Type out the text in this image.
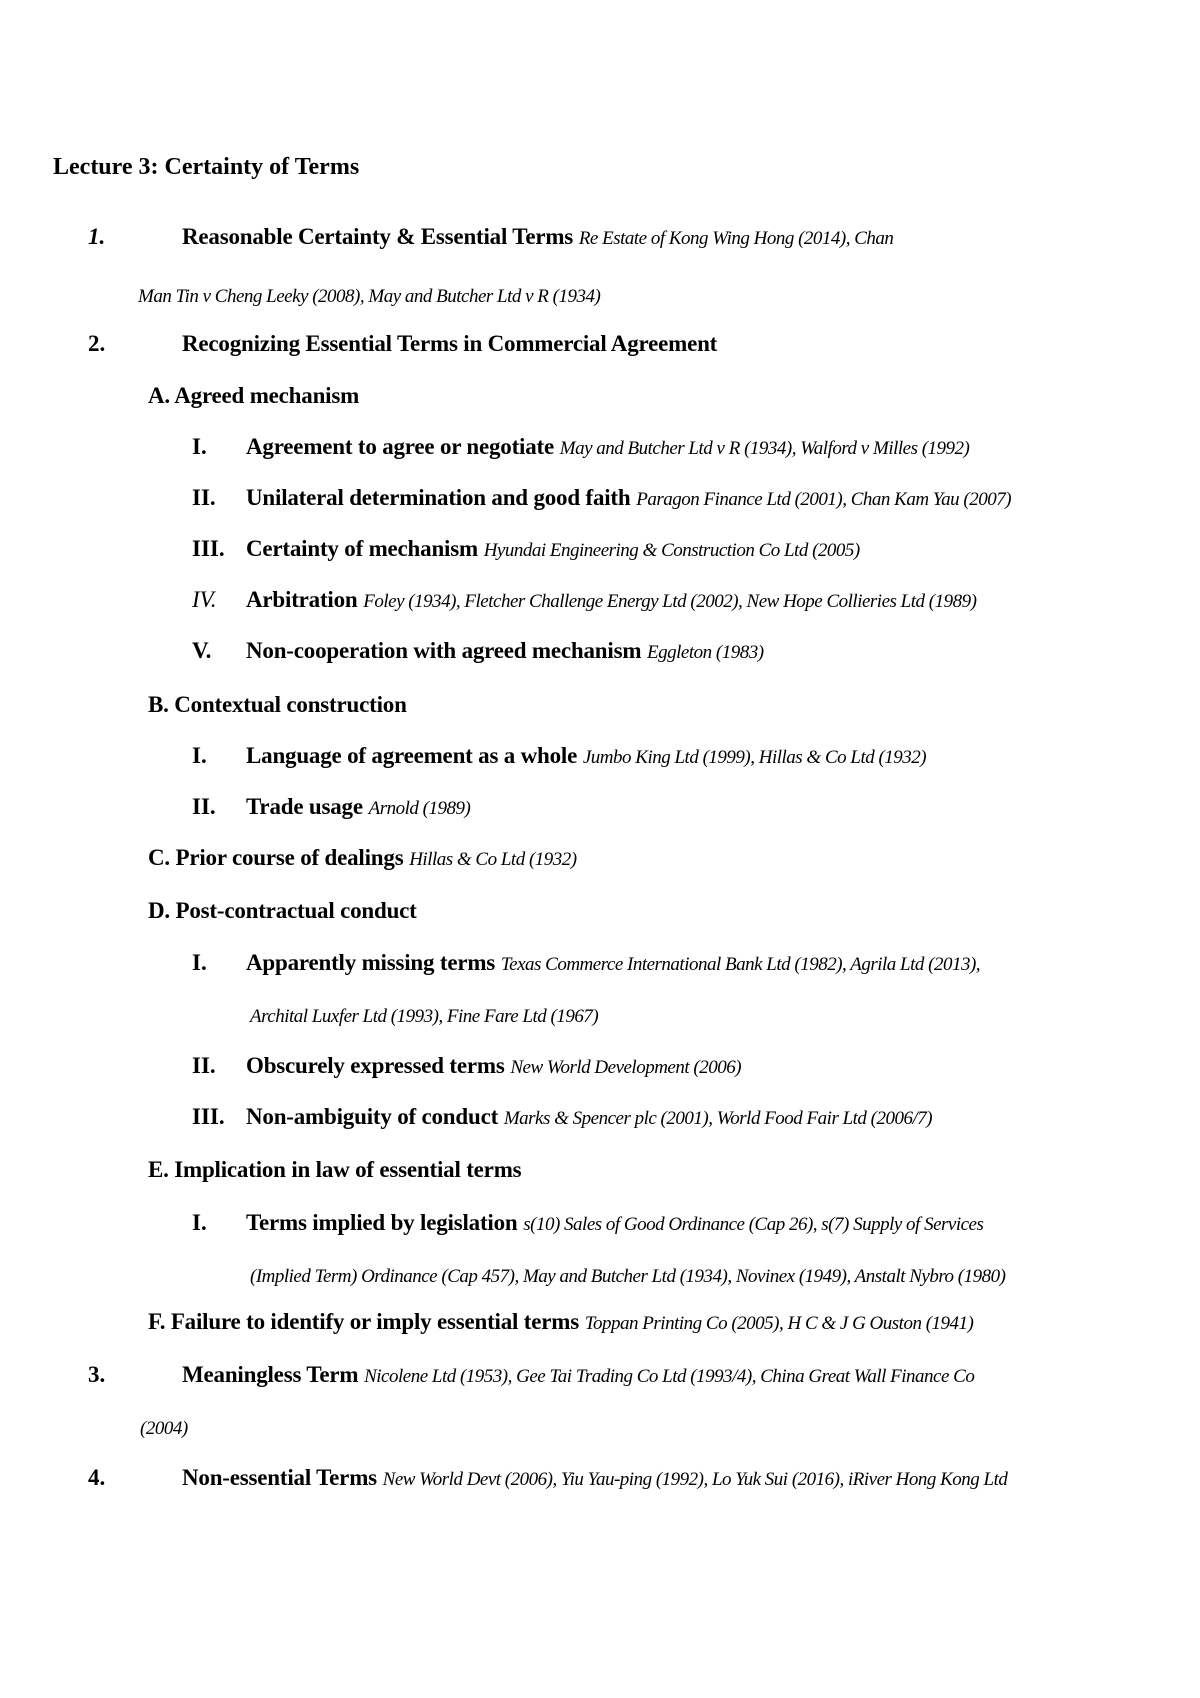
Lecture 3: Certainty of Terms
1.	Reasonable Certainty & Essential Terms Re Estate of Kong Wing Hong (2014), Chan
Man Tin v Cheng Leeky (2008), May and Butcher Ltd v R (1934)
2.	Recognizing Essential Terms in Commercial Agreement
A. Agreed mechanism
I. Agreement to agree or negotiate May and Butcher Ltd v R (1934), Walford v Milles (1992)
II. Unilateral determination and good faith Paragon Finance Ltd (2001), Chan Kam Yau (2007)
III. Certainty of mechanism Hyundai Engineering & Construction Co Ltd (2005)
IV. Arbitration Foley (1934), Fletcher Challenge Energy Ltd (2002), New Hope Collieries Ltd (1989)
V. Non-cooperation with agreed mechanism Eggleton (1983)
B. Contextual construction
I. Language of agreement as a whole Jumbo King Ltd (1999), Hillas & Co Ltd (1932)
II. Trade usage Arnold (1989)
C. Prior course of dealings Hillas & Co Ltd (1932)
D. Post-contractual conduct
I. Apparently missing terms Texas Commerce International Bank Ltd (1982), Agrila Ltd (2013),
Archital Luxfer Ltd (1993), Fine Fare Ltd (1967)
II. Obscurely expressed terms New World Development (2006)
III. Non-ambiguity of conduct Marks & Spencer plc (2001), World Food Fair Ltd (2006/7)
E. Implication in law of essential terms
I. Terms implied by legislation s(10) Sales of Good Ordinance (Cap 26), s(7) Supply of Services
(Implied Term) Ordinance (Cap 457), May and Butcher Ltd (1934), Novinex (1949), Anstalt Nybro (1980)
F. Failure to identify or imply essential terms Toppan Printing Co (2005), H C & J G Ouston (1941)
3.	Meaningless Term Nicolene Ltd (1953), Gee Tai Trading Co Ltd (1993/4), China Great Wall Finance Co
(2004)
4.	Non-essential Terms New World Devt (2006), Yiu Yau-ping (1992), Lo Yuk Sui (2016), iRiver Hong Kong Ltd
